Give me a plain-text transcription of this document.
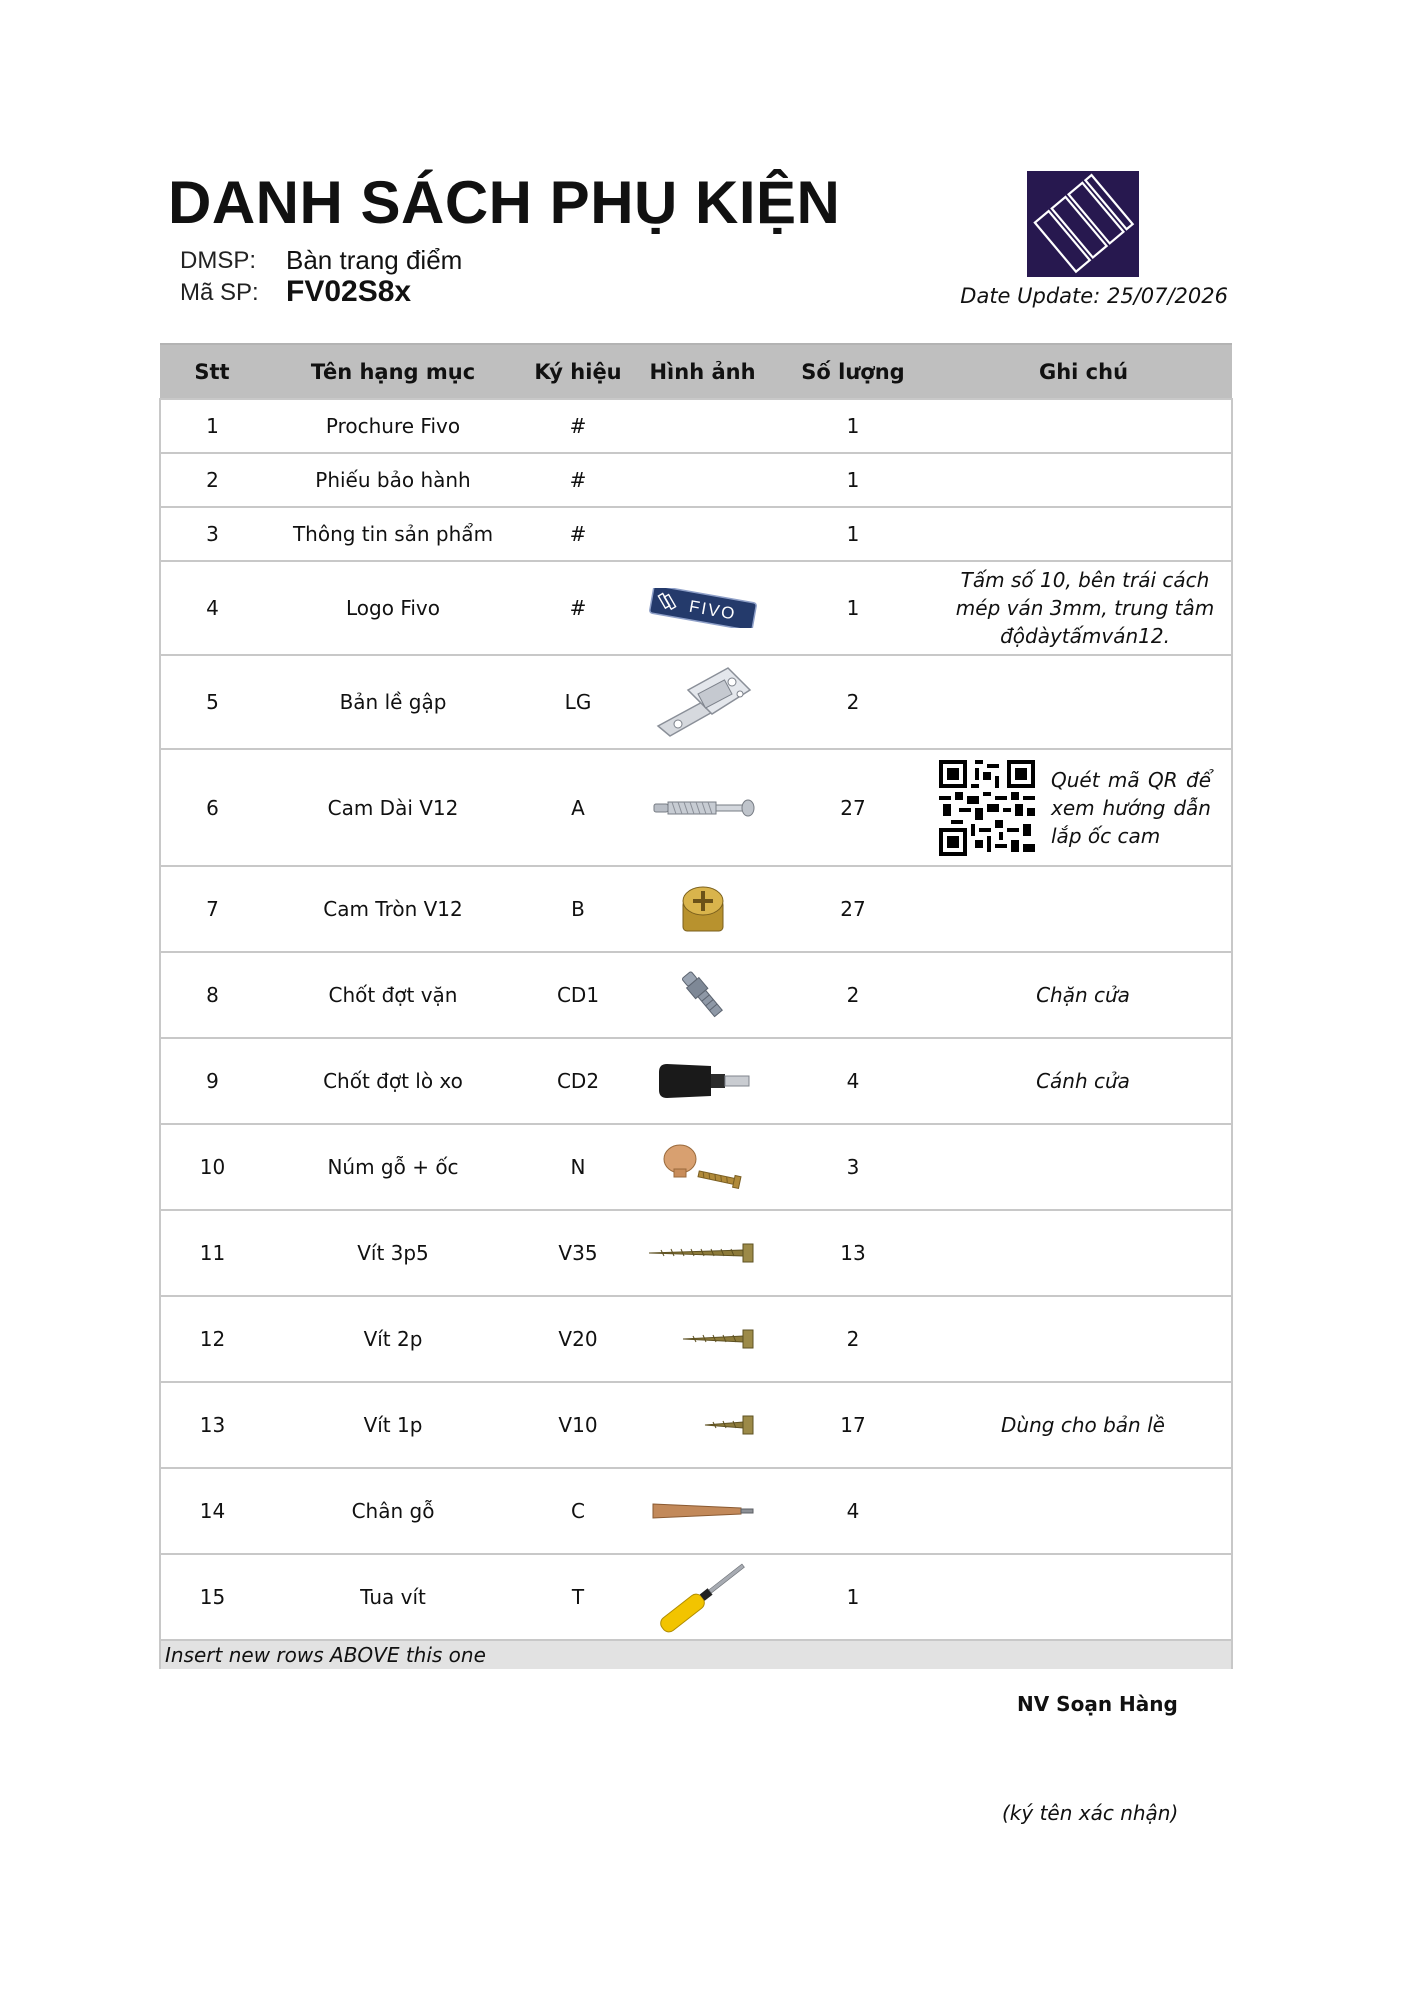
DANH SÁCH PHỤ KIỆN
DMSP: Bàn trang điểm
Mã SP: FV02S8x	Date Update: 25/07/2026
Stt	Tên hạng mục	Ký hiệu	Hình ảnh	Số lượng	Ghi chú
1	Prochure Fivo	#		1	
2	Phiếu bảo hành	#		1	
3	Thông tin sản phẩm	#		1	
4	Logo Fivo	#	FIVO	1	Tấm số 10, bên trái cách mép ván 3mm, trung tâm độdàytấmván12.
5	Bản lề gập	LG		2	
6	Cam Dài V12	A		27	Quét mã QR để xem hướng dẫn lắp ốc cam

7	Cam Tròn V12	B		27	
8	Chốt đợt vặn	CD1		2	Chặn cửa
9	Chốt đợt lò xo	CD2		4	Cánh cửa
10	Núm gỗ + ốc	N		3	
11	Vít 3p5	V35		13	
12	Vít 2p	V20		2	
13	Vít 1p	V10		17	Dùng cho bản lề
14	Chân gỗ	C		4	
15	Tua vít	T		1	
Insert new rows ABOVE this one					
NV Soạn Hàng
(ký tên xác nhận)
